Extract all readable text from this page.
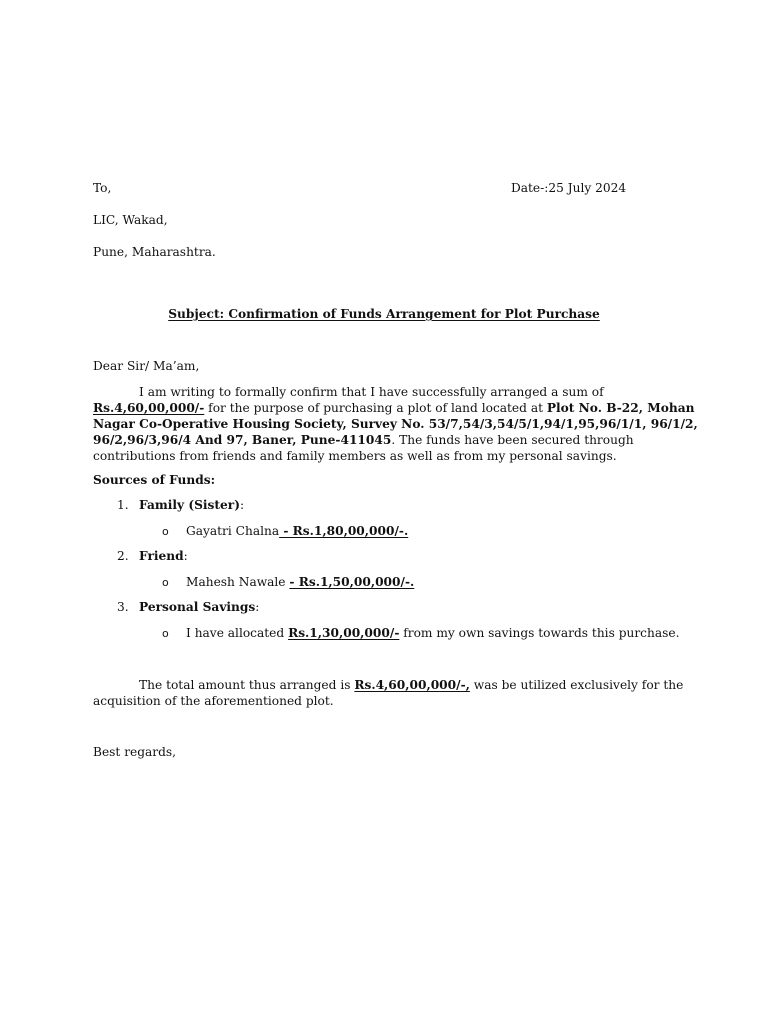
To,	Date-:25 July 2024
LIC, Wakad,
Pune, Maharashtra.
Subject: Confirmation of Funds Arrangement for Plot Purchase
Dear Sir/ Ma’am,
I am writing to formally confirm that I have successfully arranged a sum of
Rs.4,60,00,000/- for the purpose of purchasing a plot of land located at Plot No. B-22, Mohan
Nagar Co-Operative Housing Society, Survey No. 53/7,54/3,54/5/1,94/1,95,96/1/1, 96/1/2,
96/2,96/3,96/4 And 97, Baner, Pune-411045. The funds have been secured through
contributions from friends and family members as well as from my personal savings.
Sources of Funds:
1. Family (Sister):
o Gayatri Chalna - Rs.1,80,00,000/-.
2. Friend:
o Mahesh Nawale - Rs.1,50,00,000/-.
3. Personal Savings:
o I have allocated Rs.1,30,00,000/- from my own savings towards this purchase.
The total amount thus arranged is Rs.4,60,00,000/-, was be utilized exclusively for the
acquisition of the aforementioned plot.
Best regards,
